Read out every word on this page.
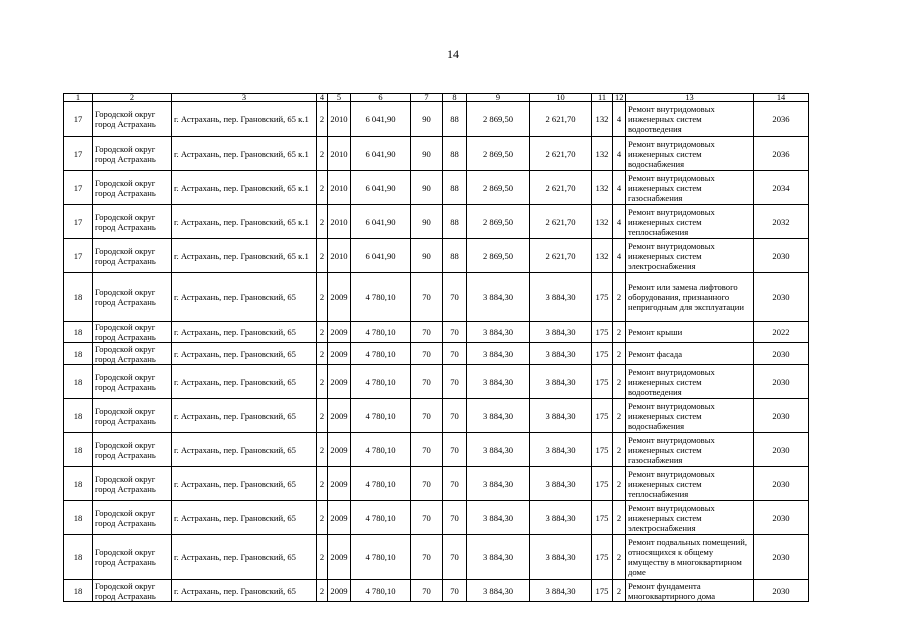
14
1	2	3	4	5	6	7	8	9	10	11	12	13	14
17	Городской округ город Астрахань	г. Астрахань, пер. Грановский, 65 к.1	2	2010	6 041,90	90	88	2 869,50	2 621,70	132	4	Ремонт внутридомовых инженерных систем водоотведения	2036
17	Городской округ город Астрахань	г. Астрахань, пер. Грановский, 65 к.1	2	2010	6 041,90	90	88	2 869,50	2 621,70	132	4	Ремонт внутридомовых инженерных систем водоснабжения	2036
17	Городской округ город Астрахань	г. Астрахань, пер. Грановский, 65 к.1	2	2010	6 041,90	90	88	2 869,50	2 621,70	132	4	Ремонт внутридомовых инженерных систем газоснабжения	2034
17	Городской округ город Астрахань	г. Астрахань, пер. Грановский, 65 к.1	2	2010	6 041,90	90	88	2 869,50	2 621,70	132	4	Ремонт внутридомовых инженерных систем теплоснабжения	2032
17	Городской округ город Астрахань	г. Астрахань, пер. Грановский, 65 к.1	2	2010	6 041,90	90	88	2 869,50	2 621,70	132	4	Ремонт внутридомовых инженерных систем электроснабжения	2030
18	Городской округ город Астрахань	г. Астрахань, пер. Грановский, 65	2	2009	4 780,10	70	70	3 884,30	3 884,30	175	2	Ремонт или замена лифтового оборудования, признанного непригодным для эксплуатации	2030
18	Городской округ город Астрахань	г. Астрахань, пер. Грановский, 65	2	2009	4 780,10	70	70	3 884,30	3 884,30	175	2	Ремонт крыши	2022
18	Городской округ город Астрахань	г. Астрахань, пер. Грановский, 65	2	2009	4 780,10	70	70	3 884,30	3 884,30	175	2	Ремонт фасада	2030
18	Городской округ город Астрахань	г. Астрахань, пер. Грановский, 65	2	2009	4 780,10	70	70	3 884,30	3 884,30	175	2	Ремонт внутридомовых инженерных систем водоотведения	2030
18	Городской округ город Астрахань	г. Астрахань, пер. Грановский, 65	2	2009	4 780,10	70	70	3 884,30	3 884,30	175	2	Ремонт внутридомовых инженерных систем водоснабжения	2030
18	Городской округ город Астрахань	г. Астрахань, пер. Грановский, 65	2	2009	4 780,10	70	70	3 884,30	3 884,30	175	2	Ремонт внутридомовых инженерных систем газоснабжения	2030
18	Городской округ город Астрахань	г. Астрахань, пер. Грановский, 65	2	2009	4 780,10	70	70	3 884,30	3 884,30	175	2	Ремонт внутридомовых инженерных систем теплоснабжения	2030
18	Городской округ город Астрахань	г. Астрахань, пер. Грановский, 65	2	2009	4 780,10	70	70	3 884,30	3 884,30	175	2	Ремонт внутридомовых инженерных систем электроснабжения	2030
18	Городской округ город Астрахань	г. Астрахань, пер. Грановский, 65	2	2009	4 780,10	70	70	3 884,30	3 884,30	175	2	Ремонт подвальных помещений, относящихся к общему имуществу в многоквартирном доме	2030
18	Городской округ город Астрахань	г. Астрахань, пер. Грановский, 65	2	2009	4 780,10	70	70	3 884,30	3 884,30	175	2	Ремонт фундамента многоквартирного дома	2030
